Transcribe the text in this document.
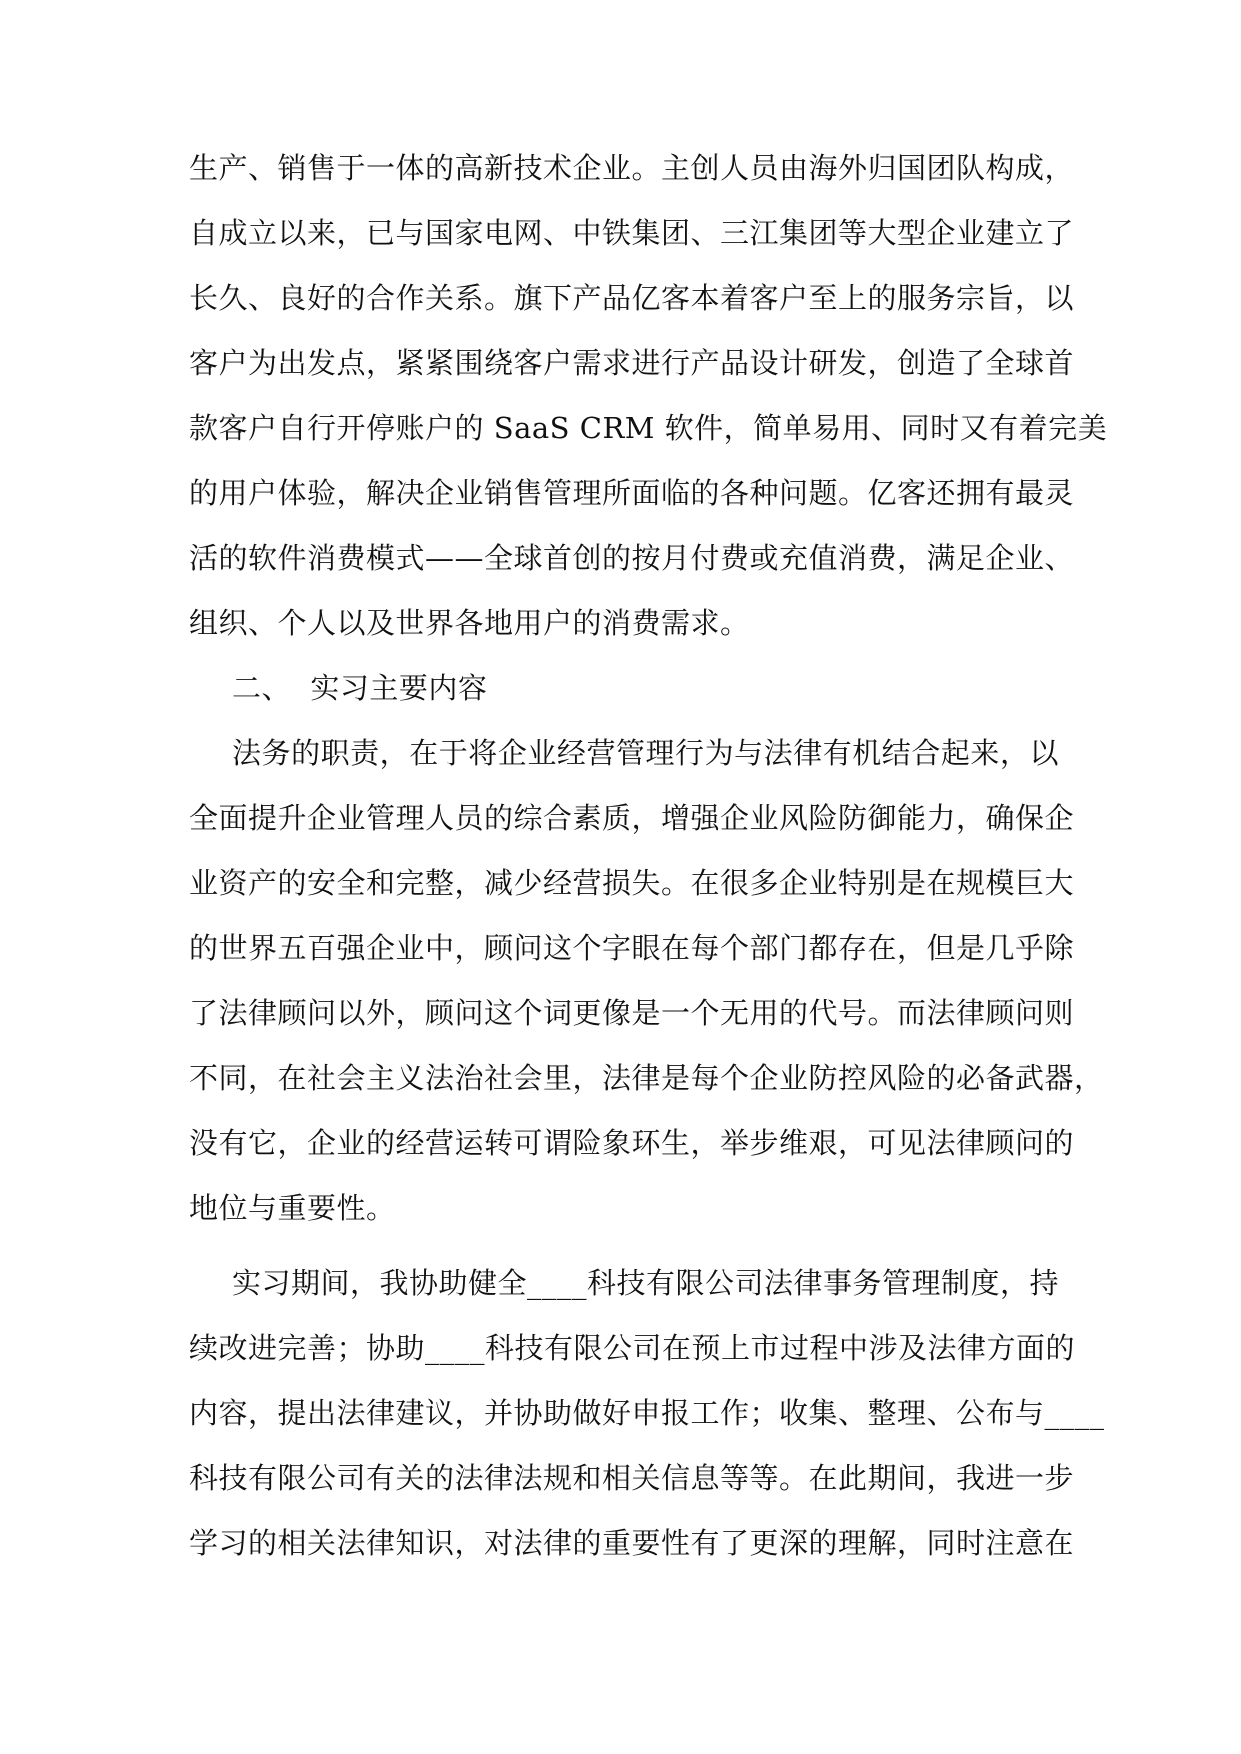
生产、销售于一体的高新技术企业。主创人员由海外归国团队构成，
自成立以来，已与国家电网、中铁集团、三江集团等大型企业建立了
长久、良好的合作关系。旗下产品亿客本着客户至上的服务宗旨，以
客户为出发点，紧紧围绕客户需求进行产品设计研发，创造了全球首
款客户自行开停账户的 SaaS CRM 软件，简单易用、同时又有着完美
的用户体验，解决企业销售管理所面临的各种问题。亿客还拥有最灵
活的软件消费模式——全球首创的按月付费或充值消费，满足企业、
组织、个人以及世界各地用户的消费需求。
二、  实习主要内容
法务的职责，在于将企业经营管理行为与法律有机结合起来，以
全面提升企业管理人员的综合素质，增强企业风险防御能力，确保企
业资产的安全和完整，减少经营损失。在很多企业特别是在规模巨大
的世界五百强企业中，顾问这个字眼在每个部门都存在，但是几乎除
了法律顾问以外，顾问这个词更像是一个无用的代号。而法律顾问则
不同，在社会主义法治社会里，法律是每个企业防控风险的必备武器，
没有它，企业的经营运转可谓险象环生，举步维艰，可见法律顾问的
地位与重要性。
实习期间，我协助健全____科技有限公司法律事务管理制度，持
续改进完善；协助____科技有限公司在预上市过程中涉及法律方面的
内容，提出法律建议，并协助做好申报工作；收集、整理、公布与____
科技有限公司有关的法律法规和相关信息等等。在此期间，我进一步
学习的相关法律知识，对法律的重要性有了更深的理解，同时注意在
